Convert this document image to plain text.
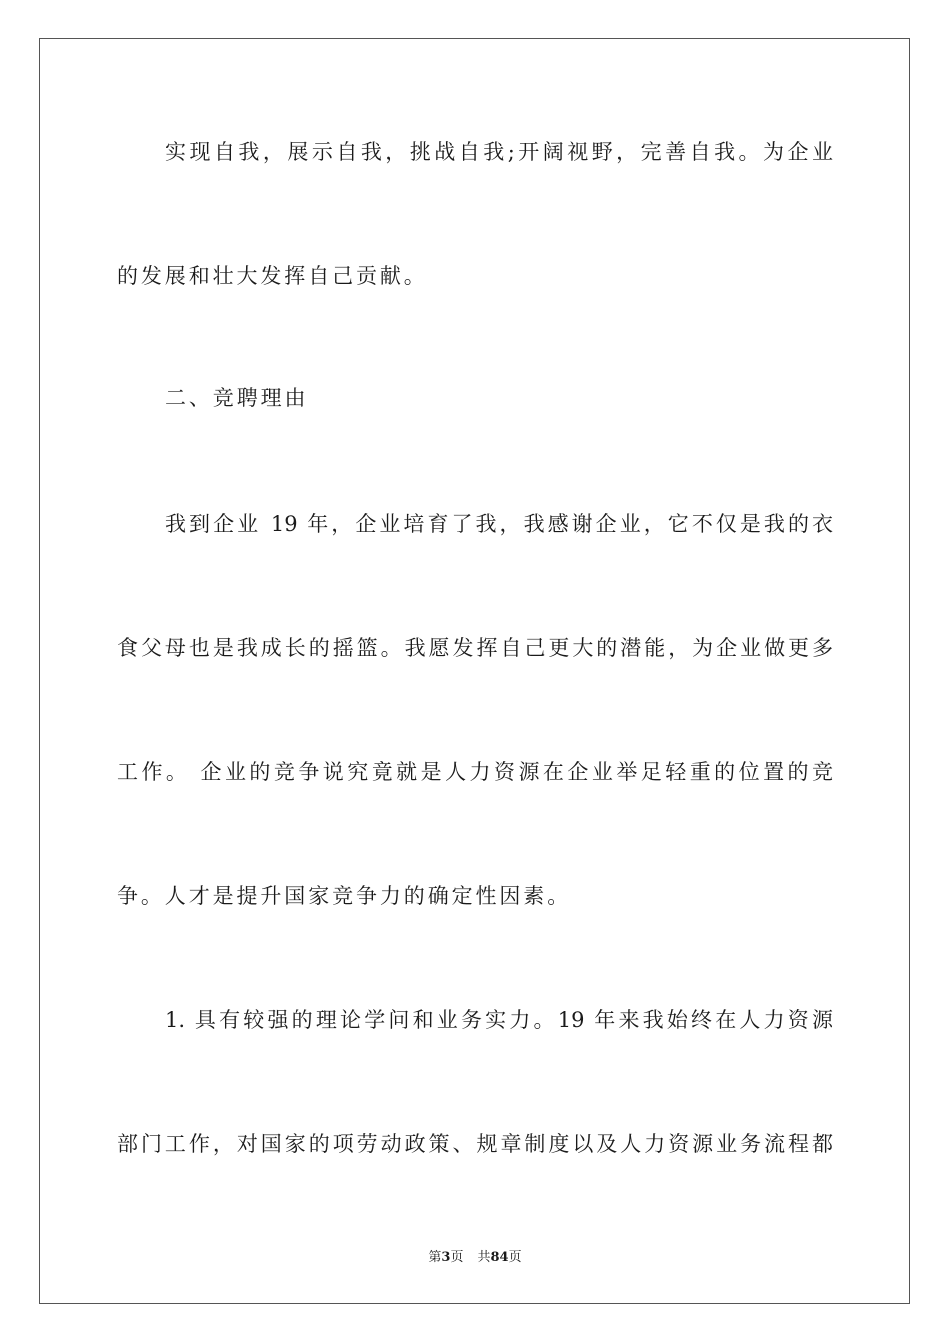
实现自我，展示自我，挑战自我;开阔视野，完善自我。为企业
的发展和壮大发挥自己贡献。
二、竞聘理由
我到企业 19 年，企业培育了我，我感谢企业，它不仅是我的衣
食父母也是我成长的摇篮。我愿发挥自己更大的潜能，为企业做更多
工作。 企业的竞争说究竟就是人力资源在企业举足轻重的位置的竞
争。人才是提升国家竞争力的确定性因素。
1. 具有较强的理论学问和业务实力。19 年来我始终在人力资源
部门工作，对国家的项劳动政策、规章制度以及人力资源业务流程都
第3页 共84页
